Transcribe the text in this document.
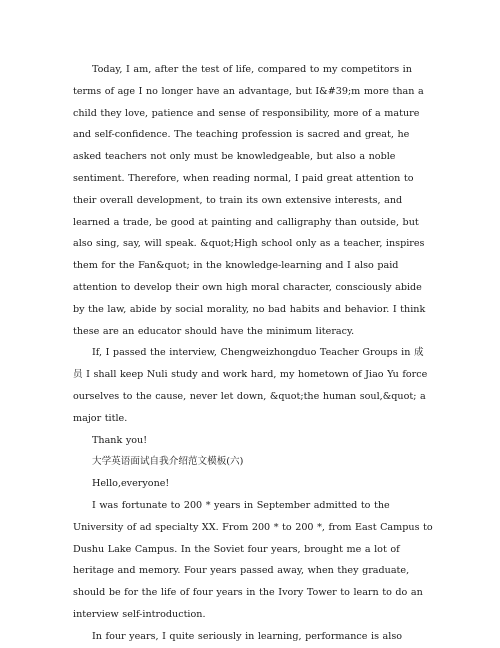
Today, I am, after the test of life, compared to my competitors in terms of age I no longer have an advantage, but I&#39;m more than a child they love, patience and sense of responsibility, more of a mature and self-confidence. The teaching profession is sacred and great, he asked teachers not only must be knowledgeable, but also a noble sentiment. Therefore, when reading normal, I paid great attention to their overall development, to train its own extensive interests, and learned a trade, be good at painting and calligraphy than outside, but also sing, say, will speak. &quot;High school only as a teacher, inspires them for the Fan&quot; in the knowledge-learning and I also paid attention to develop their own high moral character, consciously abide by the law, abide by social morality, no bad habits and behavior. I think these are an educator should have the minimum literacy.

If, I passed the interview, Chengweizhongduo Teacher Groups in 成员 I shall keep Nuli study and work hard, my hometown of Jiao Yu force ourselves to the cause, never let down, &quot;the human soul,&quot; a major title.

Thank you!

大学英语面试自我介绍范文模板(六)

Hello,everyone!

I was fortunate to 200 * years in September admitted to the University of ad specialty XX. From 200 * to 200 *, from East Campus to Dushu Lake Campus. In the Soviet four years, brought me a lot of heritage and memory. Four years passed away, when they graduate, should be for the life of four years in the Ivory Tower to learn to do an interview self-introduction.

In four years, I quite seriously in learning, performance is also
